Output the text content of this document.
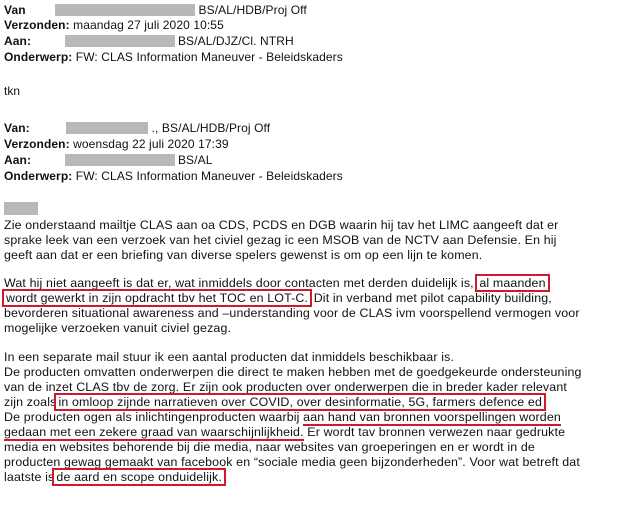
Van	BS/AL/HDB/Proj Off
Verzonden: maandag 27 juli 2020 10:55
Aan:	BS/AL/DJZ/Cl. NTRH
Onderwerp: FW: CLAS Information Maneuver - Beleidskaders
tkn
Van:	., BS/AL/HDB/Proj Off
Verzonden: woensdag 22 juli 2020 17:39
Aan:	BS/AL
Onderwerp: FW: CLAS Information Maneuver - Beleidskaders
Zie onderstaand mailtje CLAS aan oa CDS, PCDS en DGB waarin hij tav het LIMC aangeeft dat er
sprake leek van een verzoek van het civiel gezag ic een MSOB van de NCTV aan Defensie. En hij
geeft aan dat er een briefing van diverse spelers gewenst is om op een lijn te komen.
Wat hij niet aangeeft is dat er, wat inmiddels door contacten met derden duidelijk is, al maanden
wordt gewerkt in zijn opdracht tbv het TOC en LOT-C. Dit in verband met pilot capability building,
bevorderen situational awareness and –understanding voor de CLAS ivm voorspellend vermogen voor
mogelijke verzoeken vanuit civiel gezag.
In een separate mail stuur ik een aantal producten dat inmiddels beschikbaar is.
De producten omvatten onderwerpen die direct te maken hebben met de goedgekeurde ondersteuning
van de inzet CLAS tbv de zorg. Er zijn ook producten over onderwerpen die in breder kader relevant
zijn zoals in omloop zijnde narratieven over COVID, over desinformatie, 5G, farmers defence ed
De producten ogen als inlichtingenproducten waarbij aan hand van bronnen voorspellingen worden
gedaan met een zekere graad van waarschijnlijkheid. Er wordt tav bronnen verwezen naar gedrukte
media en websites behorende bij die media, naar websites van groeperingen en er wordt in de
producten gewag gemaakt van facebook en “sociale media geen bijzonderheden”. Voor wat betreft dat
laatste is de aard en scope onduidelijk.
